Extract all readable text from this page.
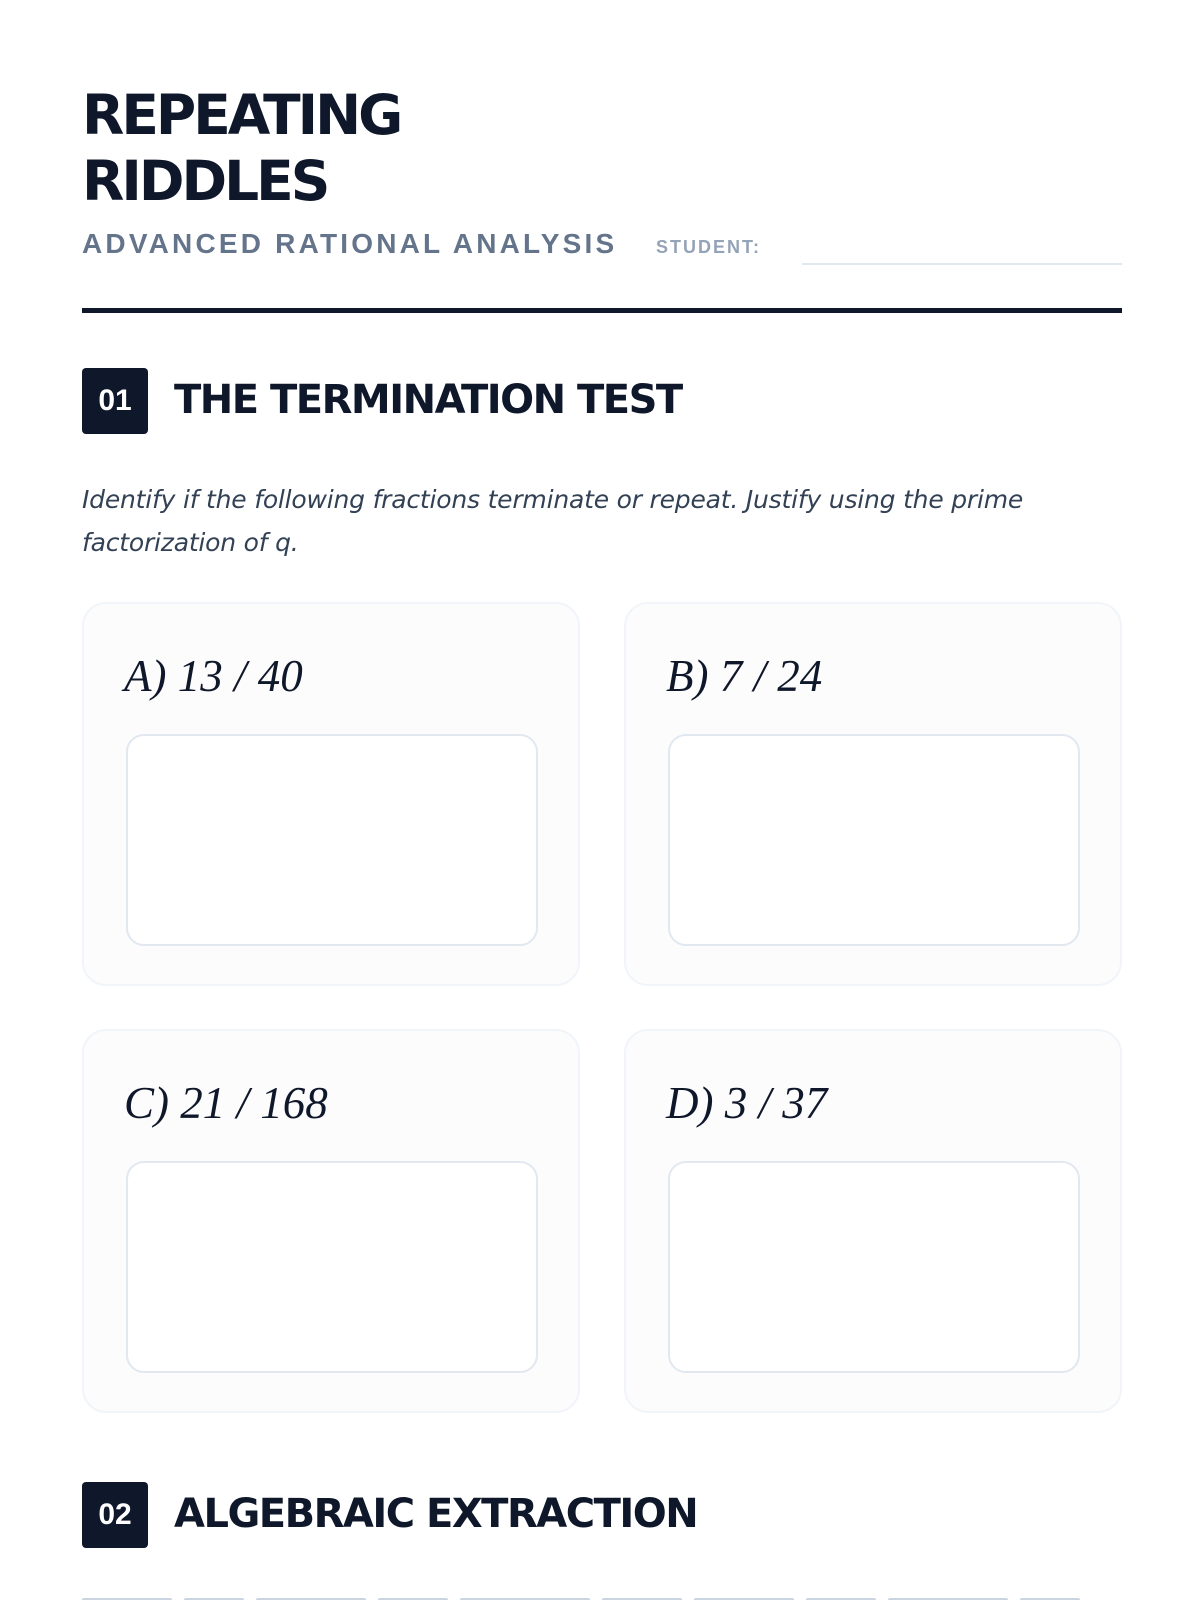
REPEATING
RIDDLES
ADVANCED RATIONAL ANALYSIS STUDENT:
01	THE TERMINATION TEST
Identify if the following fractions terminate or repeat. Justify using the prime factorization of q.
A) 13 / 40	B) 7 / 24
C) 21 / 168	D) 3 / 37
02	ALGEBRAIC EXTRACTION
